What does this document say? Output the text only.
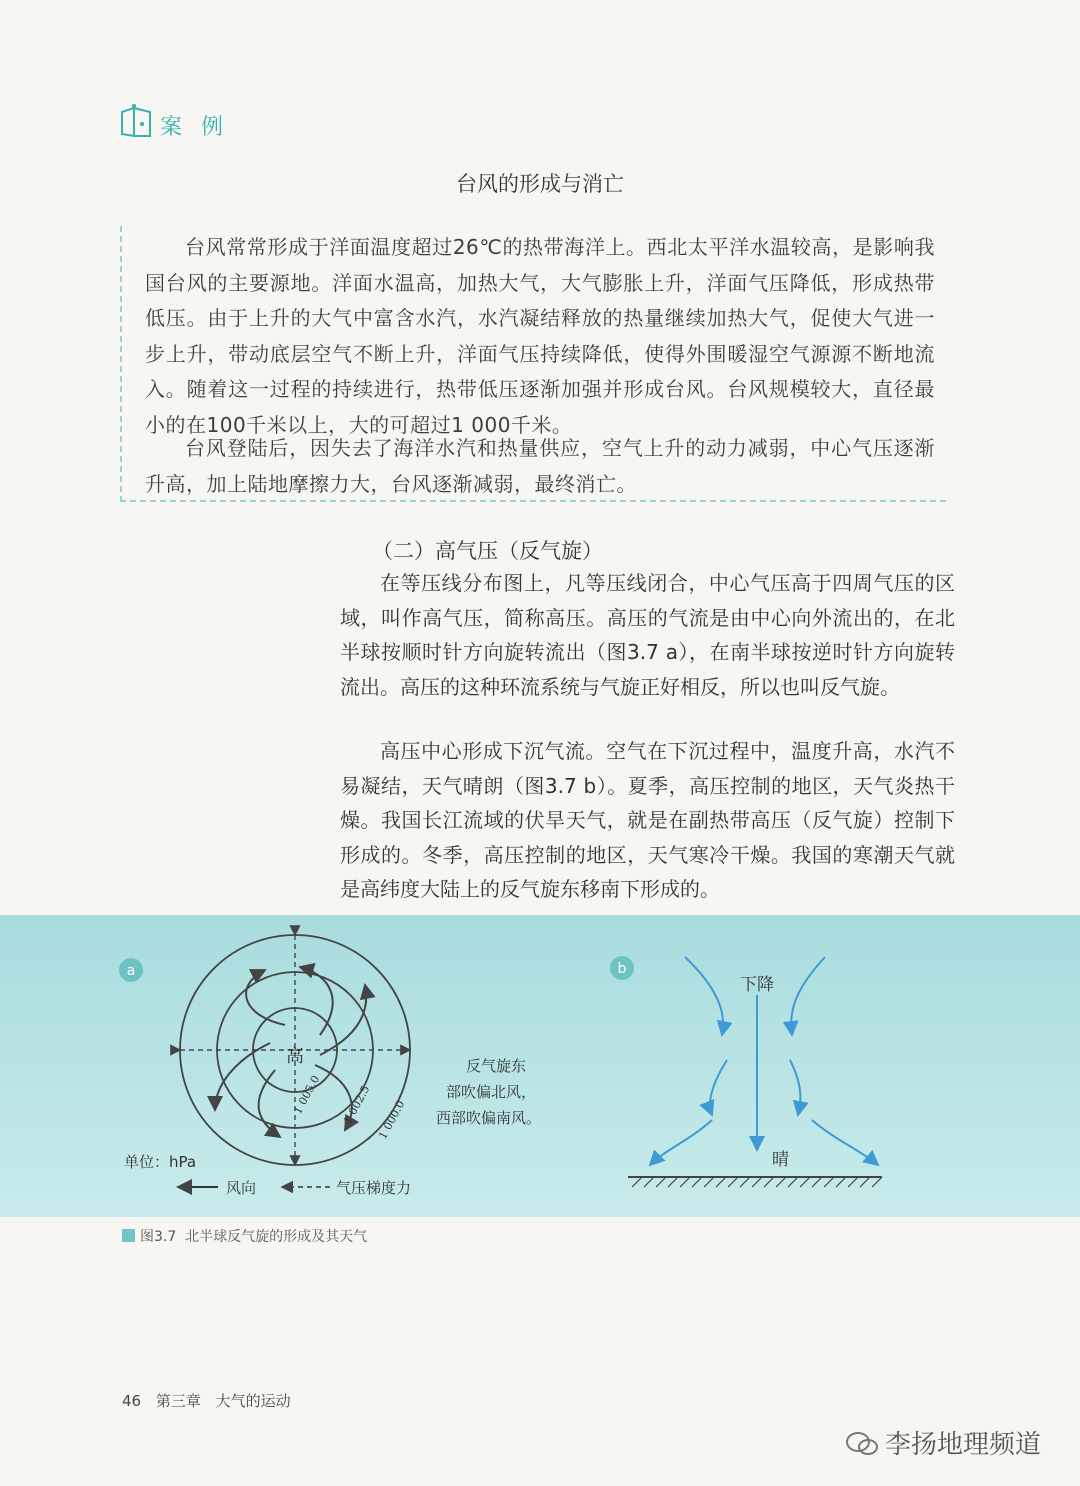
案 例
台风的形成与消亡

台风常常形成于洋面温度超过26℃的热带海洋上。西北太平洋水温较高，是影响我国台风的主要源地。洋面水温高，加热大气，大气膨胀上升，洋面气压降低，形成热带低压。由于上升的大气中富含水汽，水汽凝结释放的热量继续加热大气，促使大气进一步上升，带动底层空气不断上升，洋面气压持续降低，使得外围暖湿空气源源不断地流入。随着这一过程的持续进行，热带低压逐渐加强并形成台风。台风规模较大，直径最小的在100千米以上，大的可超过1 000千米。

台风登陆后，因失去了海洋水汽和热量供应，空气上升的动力减弱，中心气压逐渐升高，加上陆地摩擦力大，台风逐渐减弱，最终消亡。

（二）高气压（反气旋）

在等压线分布图上，凡等压线闭合，中心气压高于四周气压的区域，叫作高气压，简称高压。高压的气流是由中心向外流出的，在北半球按顺时针方向旋转流出（图3.7 a），在南半球按逆时针方向旋转流出。高压的这种环流系统与气旋正好相反，所以也叫反气旋。

高压中心形成下沉气流。空气在下沉过程中，温度升高，水汽不易凝结，天气晴朗（图3.7 b）。夏季，高压控制的地区，天气炎热干燥。我国长江流域的伏旱天气，就是在副热带高压（反气旋）控制下形成的。冬季，高压控制的地区，天气寒冷干燥。我国的寒潮天气就是高纬度大陆上的反气旋东移南下形成的。

a
高
1 005.0 1 002.5 1 000.0
反气旋东
部吹偏北风，
西部吹偏南风。
单位：hPa
风向	气压梯度力
b
下降
晴
图3.7 北半球反气旋的形成及其天气
46 第三章 大气的运动
李扬地理频道
